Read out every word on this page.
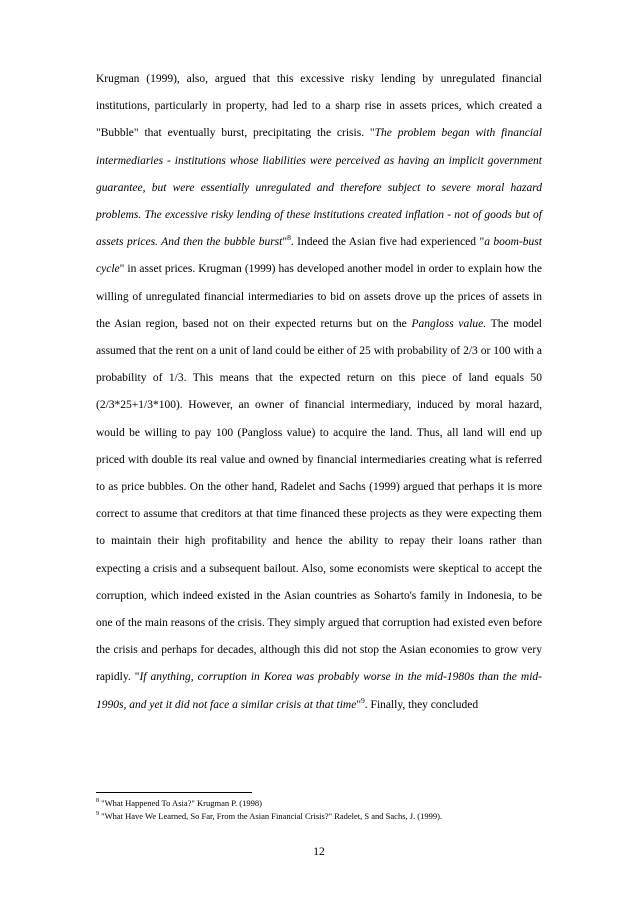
Krugman (1999), also, argued that this excessive risky lending by unregulated financial institutions, particularly in property, had led to a sharp rise in assets prices, which created a "Bubble" that eventually burst, precipitating the crisis. "The problem began with financial intermediaries - institutions whose liabilities were perceived as having an implicit government guarantee, but were essentially unregulated and therefore subject to severe moral hazard problems. The excessive risky lending of these institutions created inflation - not of goods but of assets prices. And then the bubble burst"$^8$. Indeed the Asian five had experienced "a boom-bust cycle" in asset prices. Krugman (1999) has developed another model in order to explain how the willing of unregulated financial intermediaries to bid on assets drove up the prices of assets in the Asian region, based not on their expected returns but on the Pangloss value. The model assumed that the rent on a unit of land could be either of 25 with probability of 2/3 or 100 with a probability of 1/3. This means that the expected return on this piece of land equals 50 (2/3*25+1/3*100). However, an owner of financial intermediary, induced by moral hazard, would be willing to pay 100 (Pangloss value) to acquire the land. Thus, all land will end up priced with double its real value and owned by financial intermediaries creating what is referred to as price bubbles. On the other hand, Radelet and Sachs (1999) argued that perhaps it is more correct to assume that creditors at that time financed these projects as they were expecting them to maintain their high profitability and hence the ability to repay their loans rather than expecting a crisis and a subsequent bailout. Also, some economists were skeptical to accept the corruption, which indeed existed in the Asian countries as Soharto's family in Indonesia, to be one of the main reasons of the crisis. They simply argued that corruption had existed even before the crisis and perhaps for decades, although this did not stop the Asian economies to grow very rapidly. "If anything, corruption in Korea was probably worse in the mid-1980s than the mid-1990s, and yet it did not face a similar crisis at that time"$^9$. Finally, they concluded

$^8$ "What Happened To Asia?" Krugman P. (1998)
$^9$ "What Have We Learned, So Far, From the Asian Financial Crisis?" Radelet, S and Sachs, J. (1999).
12
